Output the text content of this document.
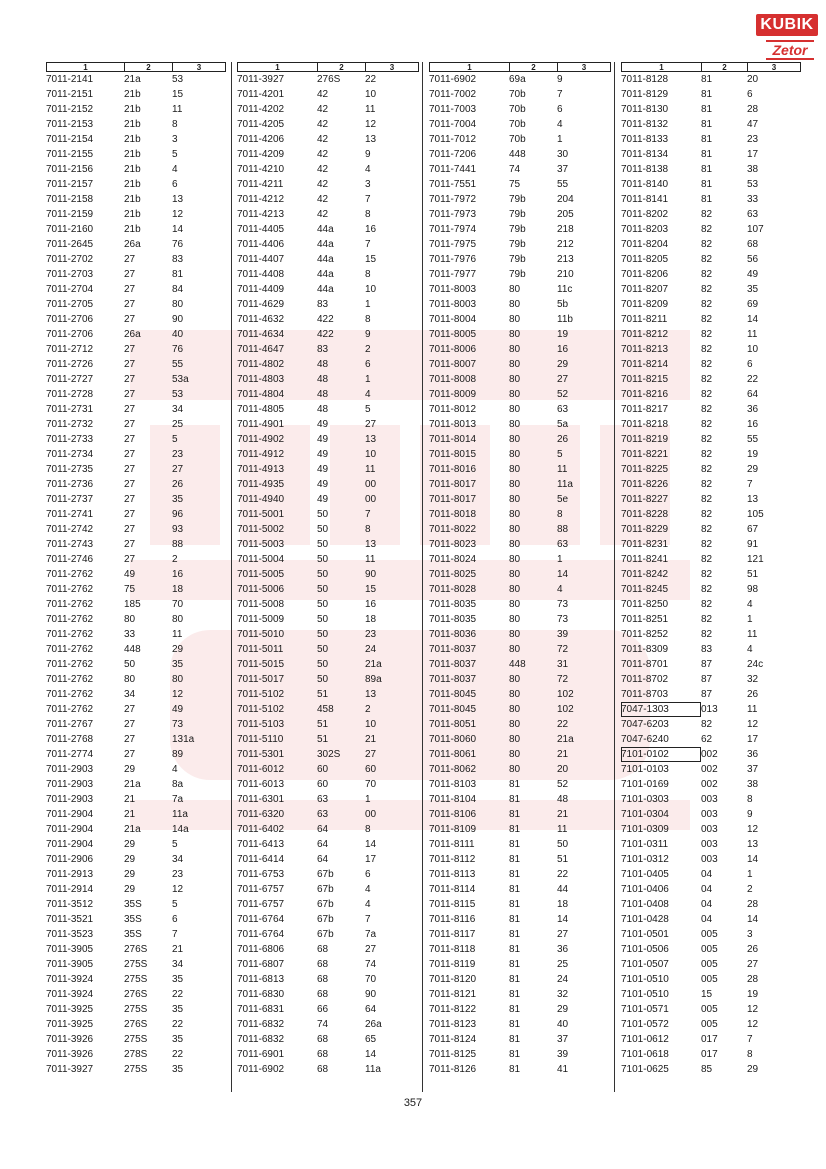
KUBIK
Zetor
1	2	3
7011-2141	21a	53
7011-2151	21b	15
7011-2152	21b	11
7011-2153	21b	8
7011-2154	21b	3
7011-2155	21b	5
7011-2156	21b	4
7011-2157	21b	6
7011-2158	21b	13
7011-2159	21b	12
7011-2160	21b	14
7011-2645	26a	76
7011-2702	27	83
7011-2703	27	81
7011-2704	27	84
7011-2705	27	80
7011-2706	27	90
7011-2706	26a	40
7011-2712	27	76
7011-2726	27	55
7011-2727	27	53a
7011-2728	27	53
7011-2731	27	34
7011-2732	27	25
7011-2733	27	5
7011-2734	27	23
7011-2735	27	27
7011-2736	27	26
7011-2737	27	35
7011-2741	27	96
7011-2742	27	93
7011-2743	27	88
7011-2746	27	2
7011-2762	49	16
7011-2762	75	18
7011-2762	185	70
7011-2762	80	80
7011-2762	33	11
7011-2762	448	29
7011-2762	50	35
7011-2762	80	80
7011-2762	34	12
7011-2762	27	49
7011-2767	27	73
7011-2768	27	131a
7011-2774	27	89
7011-2903	29	4
7011-2903	21a	8a
7011-2903	21	7a
7011-2904	21	11a
7011-2904	21a	14a
7011-2904	29	5
7011-2906	29	34
7011-2913	29	23
7011-2914	29	12
7011-3512	35S	5
7011-3521	35S	6
7011-3523	35S	7
7011-3905	276S	21
7011-3905	275S	34
7011-3924	275S	35
7011-3924	276S	22
7011-3925	275S	35
7011-3925	276S	22
7011-3926	275S	35
7011-3926	278S	22
7011-3927	275S	35
1	2	3
7011-3927	276S	22
7011-4201	42	10
7011-4202	42	11
7011-4205	42	12
7011-4206	42	13
7011-4209	42	9
7011-4210	42	4
7011-4211	42	3
7011-4212	42	7
7011-4213	42	8
7011-4405	44a	16
7011-4406	44a	7
7011-4407	44a	15
7011-4408	44a	8
7011-4409	44a	10
7011-4629	83	1
7011-4632	422	8
7011-4634	422	9
7011-4647	83	2
7011-4802	48	6
7011-4803	48	1
7011-4804	48	4
7011-4805	48	5
7011-4901	49	27
7011-4902	49	13
7011-4912	49	10
7011-4913	49	11
7011-4935	49	00
7011-4940	49	00
7011-5001	50	7
7011-5002	50	8
7011-5003	50	13
7011-5004	50	11
7011-5005	50	90
7011-5006	50	15
7011-5008	50	16
7011-5009	50	18
7011-5010	50	23
7011-5011	50	24
7011-5015	50	21a
7011-5017	50	89a
7011-5102	51	13
7011-5102	458	2
7011-5103	51	10
7011-5110	51	21
7011-5301	302S	27
7011-6012	60	60
7011-6013	60	70
7011-6301	63	1
7011-6320	63	00
7011-6402	64	8
7011-6413	64	14
7011-6414	64	17
7011-6753	67b	6
7011-6757	67b	4
7011-6757	67b	4
7011-6764	67b	7
7011-6764	67b	7a
7011-6806	68	27
7011-6807	68	74
7011-6813	68	70
7011-6830	68	90
7011-6831	66	64
7011-6832	74	26a
7011-6832	68	65
7011-6901	68	14
7011-6902	68	11a
1	2	3
7011-6902	69a	9
7011-7002	70b	7
7011-7003	70b	6
7011-7004	70b	4
7011-7012	70b	1
7011-7206	448	30
7011-7441	74	37
7011-7551	75	55
7011-7972	79b	204
7011-7973	79b	205
7011-7974	79b	218
7011-7975	79b	212
7011-7976	79b	213
7011-7977	79b	210
7011-8003	80	11c
7011-8003	80	5b
7011-8004	80	11b
7011-8005	80	19
7011-8006	80	16
7011-8007	80	29
7011-8008	80	27
7011-8009	80	52
7011-8012	80	63
7011-8013	80	5a
7011-8014	80	26
7011-8015	80	5
7011-8016	80	11
7011-8017	80	11a
7011-8017	80	5e
7011-8018	80	8
7011-8022	80	88
7011-8023	80	63
7011-8024	80	1
7011-8025	80	14
7011-8028	80	4
7011-8035	80	73
7011-8035	80	73
7011-8036	80	39
7011-8037	80	72
7011-8037	448	31
7011-8037	80	72
7011-8045	80	102
7011-8045	80	102
7011-8051	80	22
7011-8060	80	21a
7011-8061	80	21
7011-8062	80	20
7011-8103	81	52
7011-8104	81	48
7011-8106	81	21
7011-8109	81	11
7011-8111	81	50
7011-8112	81	51
7011-8113	81	22
7011-8114	81	44
7011-8115	81	18
7011-8116	81	14
7011-8117	81	27
7011-8118	81	36
7011-8119	81	25
7011-8120	81	24
7011-8121	81	32
7011-8122	81	29
7011-8123	81	40
7011-8124	81	37
7011-8125	81	39
7011-8126	81	41
1	2	3
7011-8128	81	20
7011-8129	81	6
7011-8130	81	28
7011-8132	81	47
7011-8133	81	23
7011-8134	81	17
7011-8138	81	38
7011-8140	81	53
7011-8141	81	33
7011-8202	82	63
7011-8203	82	107
7011-8204	82	68
7011-8205	82	56
7011-8206	82	49
7011-8207	82	35
7011-8209	82	69
7011-8211	82	14
7011-8212	82	11
7011-8213	82	10
7011-8214	82	6
7011-8215	82	22
7011-8216	82	64
7011-8217	82	36
7011-8218	82	16
7011-8219	82	55
7011-8221	82	19
7011-8225	82	29
7011-8226	82	7
7011-8227	82	13
7011-8228	82	105
7011-8229	82	67
7011-8231	82	91
7011-8241	82	121
7011-8242	82	51
7011-8245	82	98
7011-8250	82	4
7011-8251	82	1
7011-8252	82	11
7011-8309	83	4
7011-8701	87	24c
7011-8702	87	32
7011-8703	87	26
7047-1303	013	11
7047-6203	82	12
7047-6240	62	17
7101-0102	002	36
7101-0103	002	37
7101-0169	002	38
7101-0303	003	8
7101-0304	003	9
7101-0309	003	12
7101-0311	003	13
7101-0312	003	14
7101-0405	04	1
7101-0406	04	2
7101-0408	04	28
7101-0428	04	14
7101-0501	005	3
7101-0506	005	26
7101-0507	005	27
7101-0510	005	28
7101-0510	15	19
7101-0571	005	12
7101-0572	005	12
7101-0612	017	7
7101-0618	017	8
7101-0625	85	29
357
